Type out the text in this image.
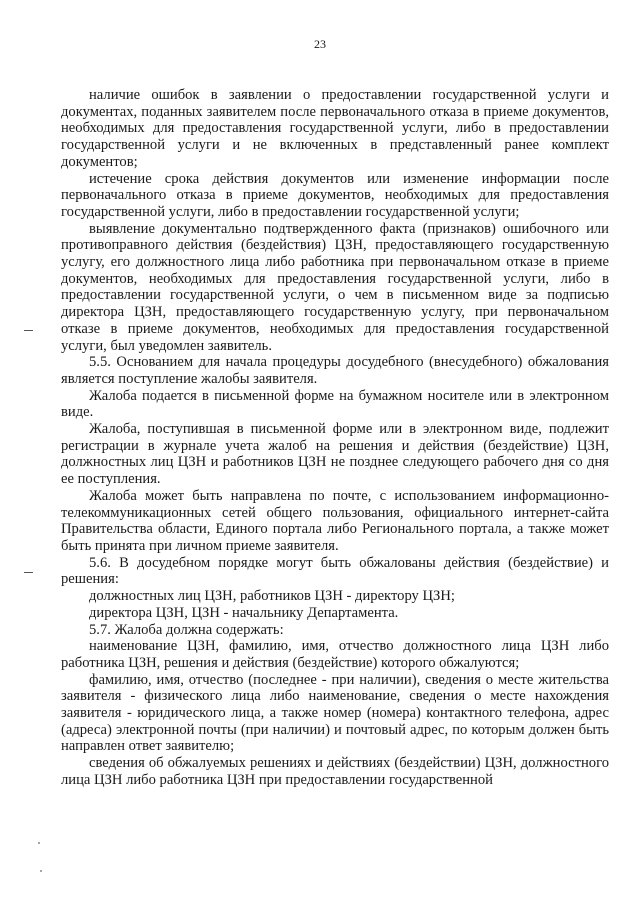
23

наличие ошибок в заявлении о предоставлении государственной услуги и документах, поданных заявителем после первоначального отказа в приеме документов, необходимых для предоставления государственной услуги, либо в предоставлении государственной услуги и не включенных в представленный ранее комплект документов;

истечение срока действия документов или изменение информации после первоначального отказа в приеме документов, необходимых для предоставления государственной услуги, либо в предоставлении государственной услуги;

выявление документально подтвержденного факта (признаков) ошибочного или противоправного действия (бездействия) ЦЗН, предоставляющего государственную услугу, его должностного лица либо работника при первоначальном отказе в приеме документов, необходимых для предоставления государственной услуги, либо в предоставлении государственной услуги, о чем в письменном виде за подписью директора ЦЗН, предоставляющего государственную услугу, при первоначальном отказе в приеме документов, необходимых для предоставления государственной услуги, был уведомлен заявитель.

5.5. Основанием для начала процедуры досудебного (внесудебного) обжалования является поступление жалобы заявителя.

Жалоба подается в письменной форме на бумажном носителе или в электронном виде.

Жалоба, поступившая в письменной форме или в электронном виде, подлежит регистрации в журнале учета жалоб на решения и действия (бездействие) ЦЗН, должностных лиц ЦЗН и работников ЦЗН не позднее следующего рабочего дня со дня ее поступления.

Жалоба может быть направлена по почте, с использованием информационно-телекоммуникационных сетей общего пользования, официального интернет-сайта Правительства области, Единого портала либо Регионального портала, а также может быть принята при личном приеме заявителя.

5.6. В досудебном порядке могут быть обжалованы действия (бездействие) и решения:

должностных лиц ЦЗН, работников ЦЗН - директору ЦЗН;

директора ЦЗН, ЦЗН - начальнику Департамента.

5.7. Жалоба должна содержать:

наименование ЦЗН, фамилию, имя, отчество должностного лица ЦЗН либо работника ЦЗН, решения и действия (бездействие) которого обжалуются;

фамилию, имя, отчество (последнее - при наличии), сведения о месте жительства заявителя - физического лица либо наименование, сведения о месте нахождения заявителя - юридического лица, а также номер (номера) контактного телефона, адрес (адреса) электронной почты (при наличии) и почтовый адрес, по которым должен быть направлен ответ заявителю;

сведения об обжалуемых решениях и действиях (бездействии) ЦЗН, должностного лица ЦЗН либо работника ЦЗН при предоставлении государственной
